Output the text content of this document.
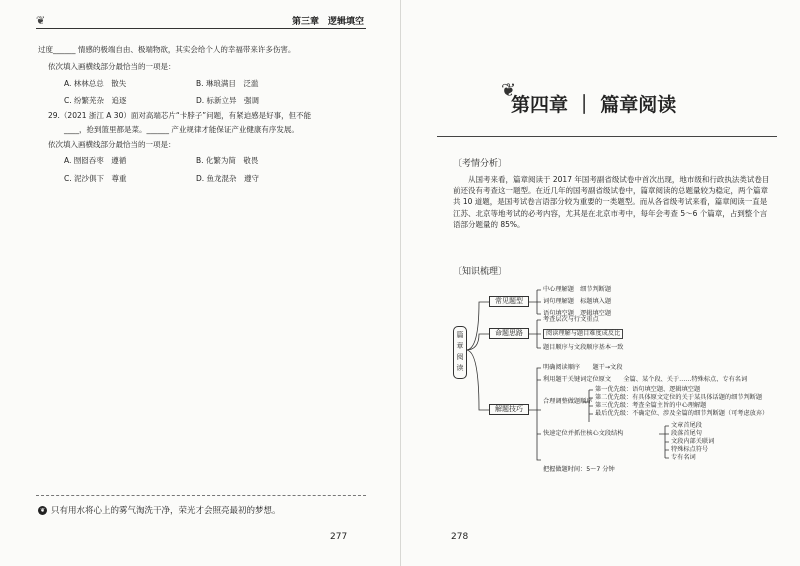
❦	第三章　逻辑填空
过度______ 情感的极端自由、极端物欲，其实会给个人的幸福带来许多伤害。
依次填入画横线部分最恰当的一项是：
A. 林林总总　散失	B. 琳琅满目　泛滥
C. 纷繁芜杂　追逐	D. 标新立异　强调
29.（2021 浙江 A 30）面对高端芯片“卡脖子”问题，有紧迫感是好事，但不能
____，抢到篮里都是菜。______ 产业规律才能保证产业健康有序发展。
依次填入画横线部分最恰当的一项是：
A. 囫囵吞枣　遵循	B. 化繁为简　敬畏
C. 泥沙俱下　尊重	D. 鱼龙混杂　遵守
❦ 只有用水将心上的雾气淘洗干净，荣光才会照亮最初的梦想。
277
❦
第四章 ｜ 篇章阅读
〔考情分析〕
从国考来看，篇章阅读于 2017 年国考副省级试卷中首次出现，地市级和行政执法类试卷目前还没有考查这一题型。在近几年的国考副省级试卷中，篇章阅读的总题量较为稳定，两个篇章共 10 道题，是国考试卷言语部分较为重要的一类题型。而从各省级考试来看，篇章阅读一直是江苏、北京等地考试的必考内容，尤其是在北京市考中，每年会考查 5～6 个篇章，占到整个言语部分题量的 85%。
〔知识梳理〕
篇章阅读
常见题型
中心理解题　细节判断题
词句理解题　标题填入题
语句填空题　逻辑填空题
命题思路
考查层次与行文重点
阅读理解与题目难度成反比
题目顺序与文段顺序基本一致
解题技巧
明确阅读顺序　　题干→文段
利用题干关键词定位原文　　全篇、某个段、关于……特殊标点、专有名词
合理调整做题顺序
第一优先级：语句填空题、逻辑填空题
第二优先级：有具体原文定位的关于某具体话题的细节判断题
第三优先级：考查全篇主旨的中心理解题
最后优先级：不确定位、涉及全篇的细节判断题（可考虑放弃）
快速定位并抓住核心文段结构
文章首尾段
段落首尾句
文段内部关联词
特殊标点符号
专有名词
把握做题时间：5～7 分钟
278
